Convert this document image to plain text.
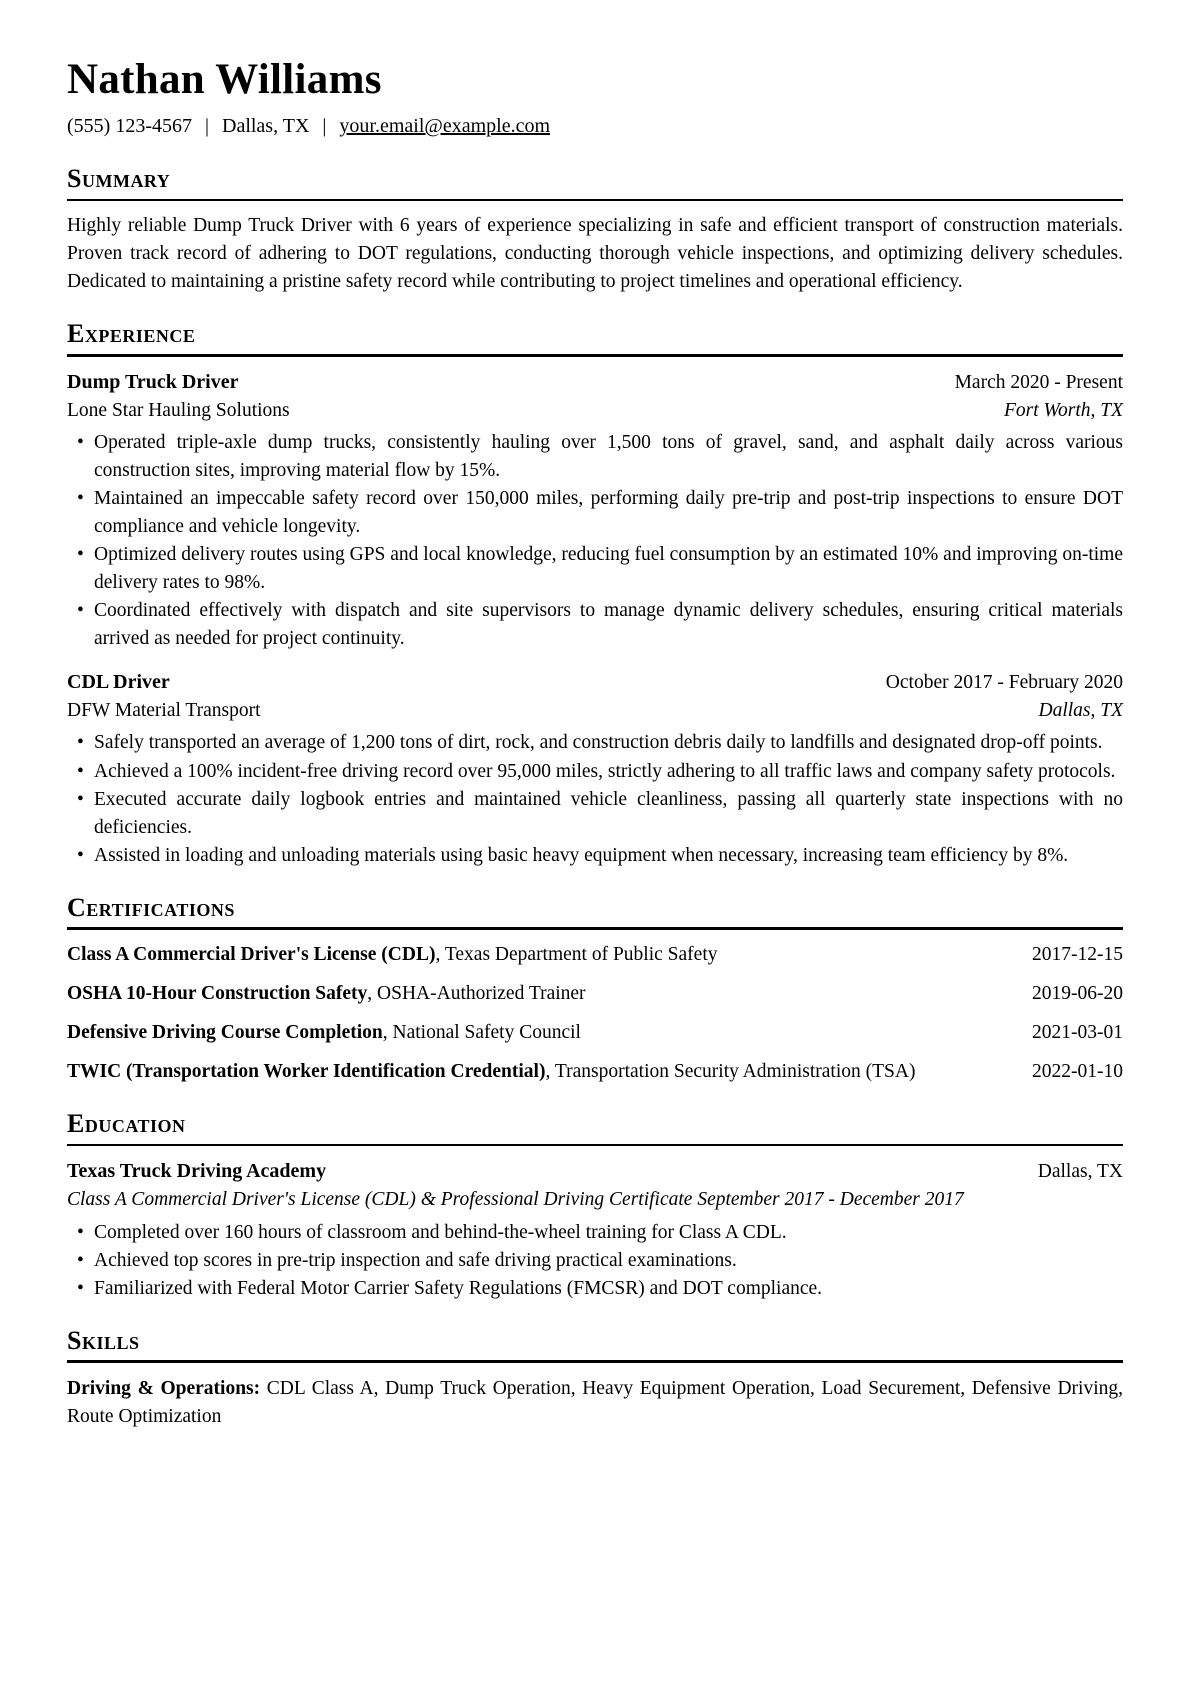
Nathan Williams
(555) 123-4567 | Dallas, TX | your.email@example.com
Summary

Highly reliable Dump Truck Driver with 6 years of experience specializing in safe and efficient transport of construction materials. Proven track record of adhering to DOT regulations, conducting thorough vehicle inspections, and optimizing delivery schedules. Dedicated to maintaining a pristine safety record while contributing to project timelines and operational efficiency.

Experience
Dump Truck Driver	March 2020 - Present
Lone Star Hauling Solutions	Fort Worth, TX
• Operated triple-axle dump trucks, consistently hauling over 1,500 tons of gravel, sand, and asphalt daily across various construction sites, improving material flow by 15%.
• Maintained an impeccable safety record over 150,000 miles, performing daily pre-trip and post-trip inspections to ensure DOT compliance and vehicle longevity.
• Optimized delivery routes using GPS and local knowledge, reducing fuel consumption by an estimated 10% and improving on-time delivery rates to 98%.
• Coordinated effectively with dispatch and site supervisors to manage dynamic delivery schedules, ensuring critical materials arrived as needed for project continuity.
CDL Driver	October 2017 - February 2020
DFW Material Transport	Dallas, TX
• Safely transported an average of 1,200 tons of dirt, rock, and construction debris daily to landfills and designated drop-off points.
• Achieved a 100% incident-free driving record over 95,000 miles, strictly adhering to all traffic laws and company safety protocols.
• Executed accurate daily logbook entries and maintained vehicle cleanliness, passing all quarterly state inspections with no deficiencies.
• Assisted in loading and unloading materials using basic heavy equipment when necessary, increasing team efficiency by 8%.
Certifications

Class A Commercial Driver's License (CDL), Texas Department of Public Safety	2017-12-15

OSHA 10-Hour Construction Safety, OSHA-Authorized Trainer	2019-06-20

Defensive Driving Course Completion, National Safety Council	2021-03-01

TWIC (Transportation Worker Identification Credential), Transportation Security Administration (TSA)	2022-01-10
Education
Texas Truck Driving Academy	Dallas, TX

Class A Commercial Driver's License (CDL) & Professional Driving Certificate September 2017 - December 2017

• Completed over 160 hours of classroom and behind-the-wheel training for Class A CDL.
• Achieved top scores in pre-trip inspection and safe driving practical examinations.
• Familiarized with Federal Motor Carrier Safety Regulations (FMCSR) and DOT compliance.
Skills

Driving & Operations: CDL Class A, Dump Truck Operation, Heavy Equipment Operation, Load Securement, Defensive Driving, Route Optimization
